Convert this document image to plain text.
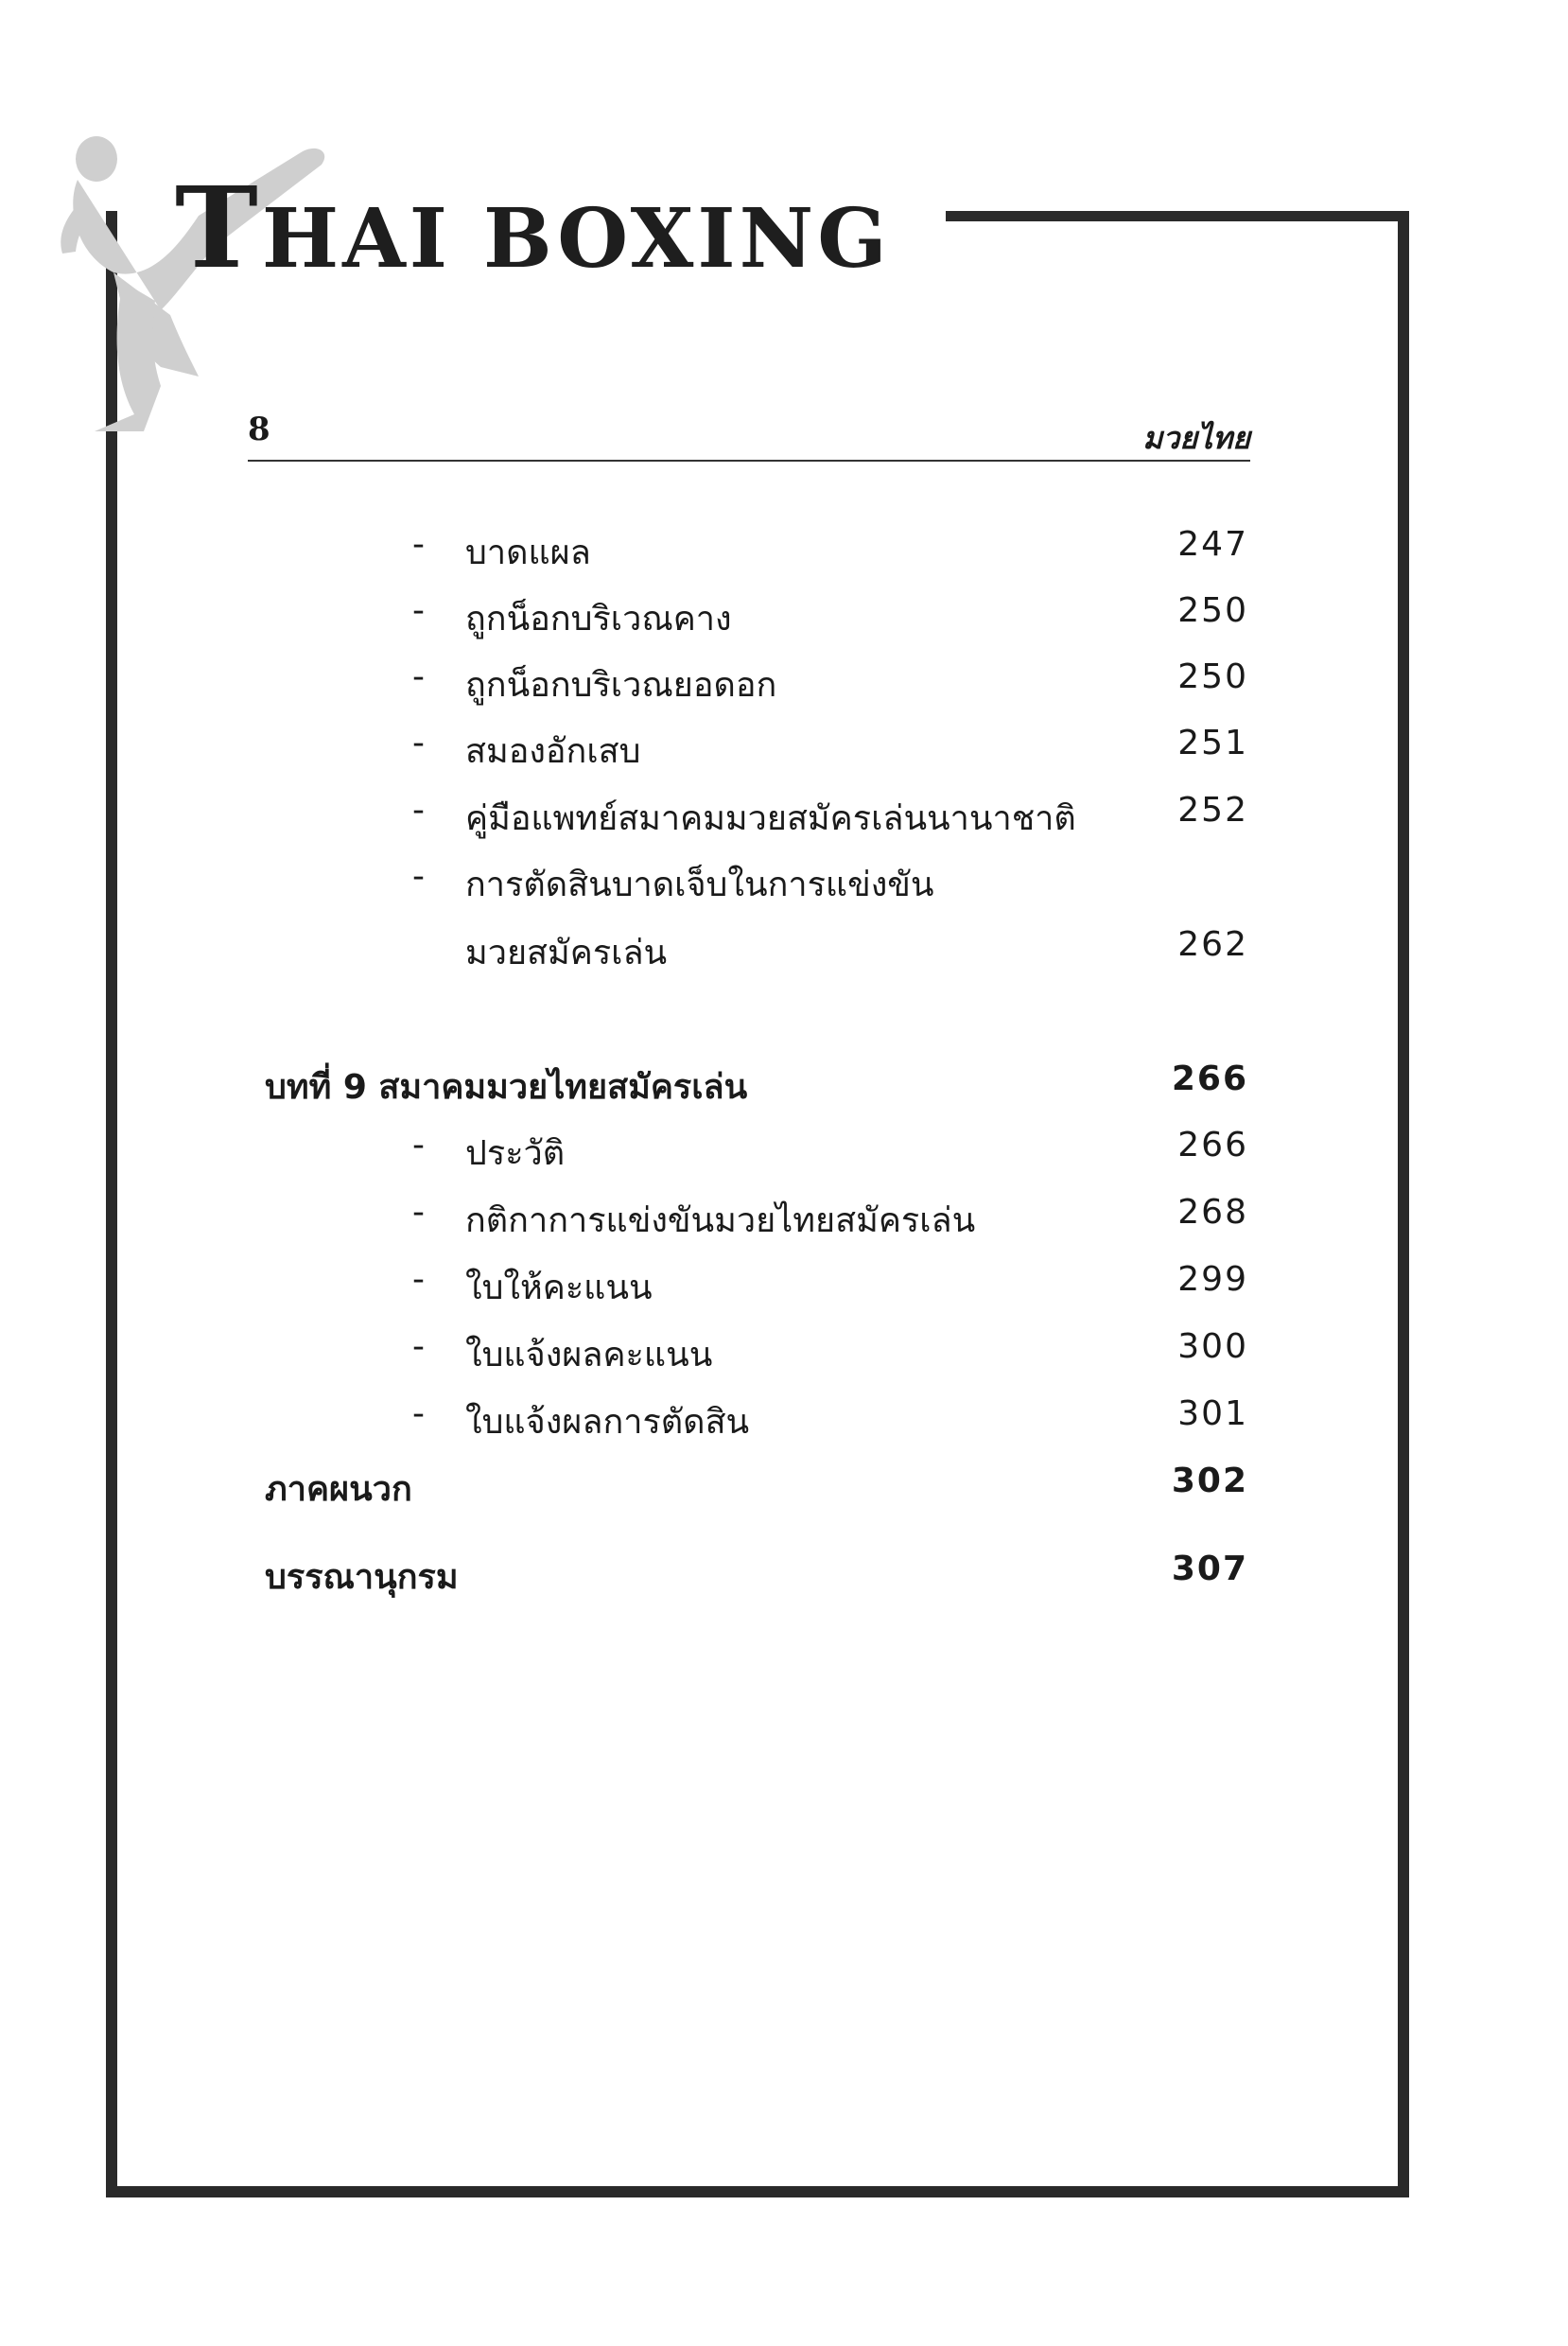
THAI BOXING
8	มวยไทย
- บาดแผล	247
- ถูกน็อกบริเวณคาง	250
- ถูกน็อกบริเวณยอดอก	250
- สมองอักเสบ	251
- คู่มือแพทย์สมาคมมวยสมัครเล่นนานาชาติ	252
- การตัดสินบาดเจ็บในการแข่งขัน
มวยสมัครเล่น	262
บทที่ 9 สมาคมมวยไทยสมัครเล่น	266
- ประวัติ	266
- กติกาการแข่งขันมวยไทยสมัครเล่น	268
- ใบให้คะแนน	299
- ใบแจ้งผลคะแนน	300
- ใบแจ้งผลการตัดสิน	301
ภาคผนวก	302
บรรณานุกรม	307
